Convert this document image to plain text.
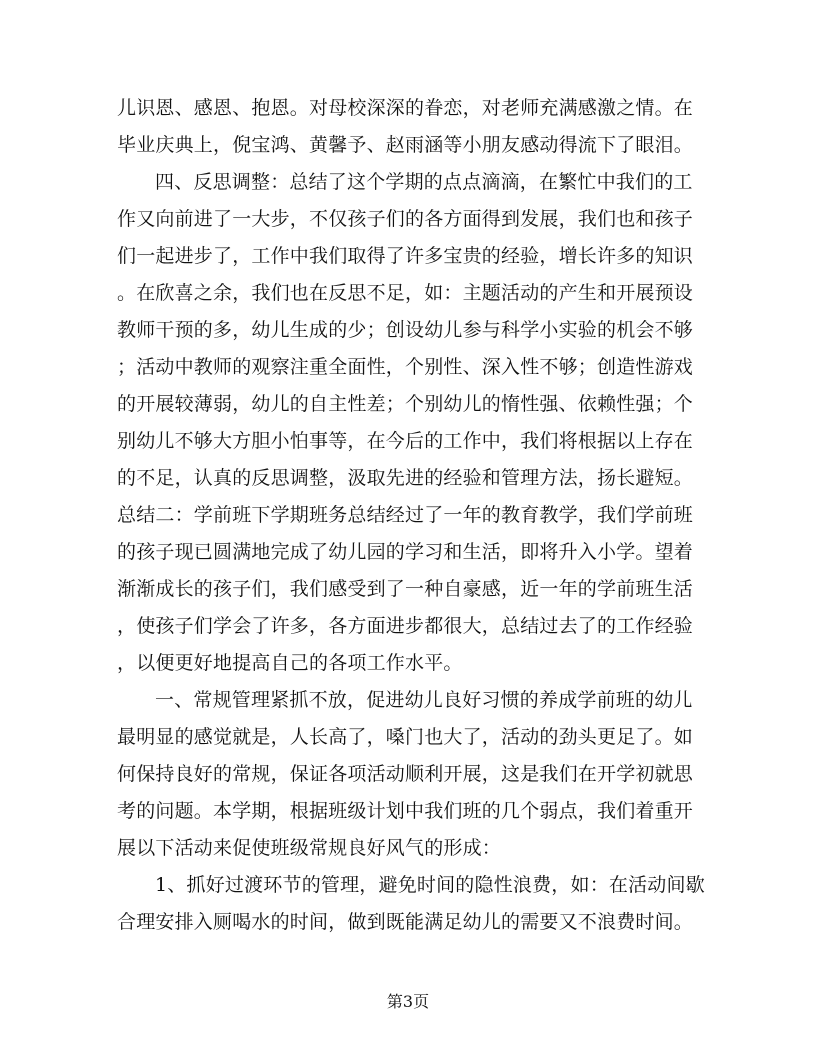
儿识恩、感恩、抱恩。对母校深深的眷恋，对老师充满感激之情。在
毕业庆典上，倪宝鸿、黄馨予、赵雨涵等小朋友感动得流下了眼泪。
四、反思调整：总结了这个学期的点点滴滴，在繁忙中我们的工
作又向前进了一大步，不仅孩子们的各方面得到发展，我们也和孩子
们一起进步了，工作中我们取得了许多宝贵的经验，增长许多的知识
。在欣喜之余，我们也在反思不足，如：主题活动的产生和开展预设
教师干预的多，幼儿生成的少；创设幼儿参与科学小实验的机会不够
；活动中教师的观察注重全面性，个别性、深入性不够；创造性游戏
的开展较薄弱，幼儿的自主性差；个别幼儿的惰性强、依赖性强；个
别幼儿不够大方胆小怕事等，在今后的工作中，我们将根据以上存在
的不足，认真的反思调整，汲取先进的经验和管理方法，扬长避短。
总结二：学前班下学期班务总结经过了一年的教育教学，我们学前班
的孩子现已圆满地完成了幼儿园的学习和生活，即将升入小学。望着
渐渐成长的孩子们，我们感受到了一种自豪感，近一年的学前班生活
，使孩子们学会了许多，各方面进步都很大，总结过去了的工作经验
，以便更好地提高自己的各项工作水平。
一、常规管理紧抓不放，促进幼儿良好习惯的养成学前班的幼儿
最明显的感觉就是，人长高了，嗓门也大了，活动的劲头更足了。如
何保持良好的常规，保证各项活动顺利开展，这是我们在开学初就思
考的问题。本学期，根据班级计划中我们班的几个弱点，我们着重开
展以下活动来促使班级常规良好风气的形成：
1、抓好过渡环节的管理，避免时间的隐性浪费，如：在活动间歇
合理安排入厕喝水的时间，做到既能满足幼儿的需要又不浪费时间。
第3页
